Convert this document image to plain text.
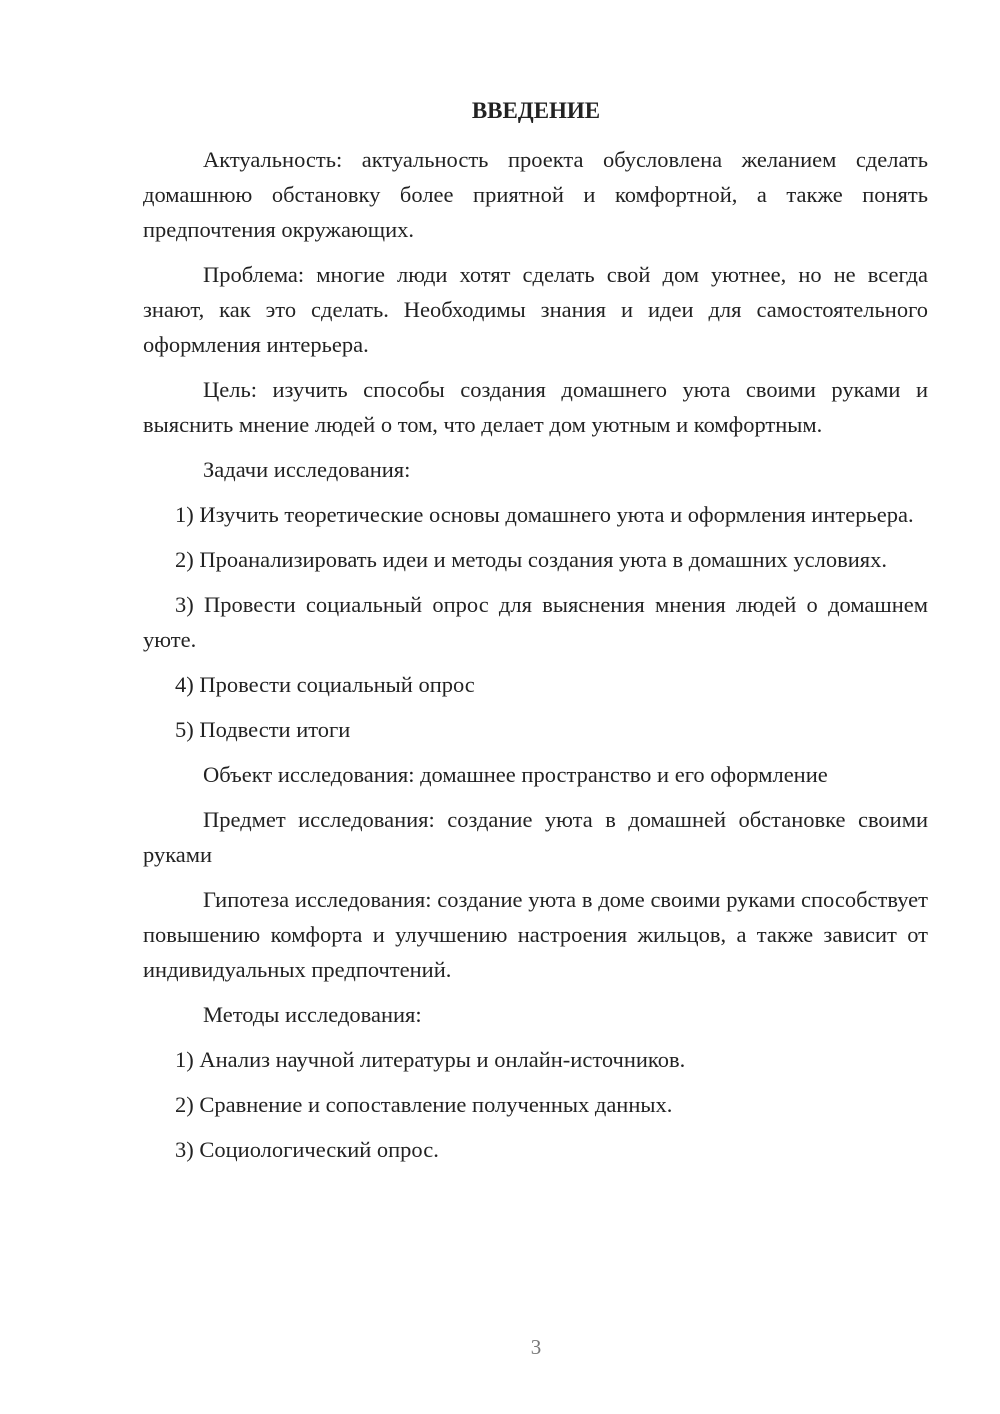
ВВЕДЕНИЕ

Актуальность: актуальность проекта обусловлена желанием сделать домашнюю обстановку более приятной и комфортной, а также понять предпочтения окружающих.

Проблема: многие люди хотят сделать свой дом уютнее, но не всегда знают, как это сделать. Необходимы знания и идеи для самостоятельного оформления интерьера.

Цель: изучить способы создания домашнего уюта своими руками и выяснить мнение людей о том, что делает дом уютным и комфортным.

Задачи исследования:

1) Изучить теоретические основы домашнего уюта и оформления интерьера.

2) Проанализировать идеи и методы создания уюта в домашних условиях.

3) Провести социальный опрос для выяснения мнения людей о домашнем уюте.

4) Провести социальный опрос

5) Подвести итоги

Объект исследования: домашнее пространство и его оформление

Предмет исследования: создание уюта в домашней обстановке своими руками

Гипотеза исследования: создание уюта в доме своими руками способствует повышению комфорта и улучшению настроения жильцов, а также зависит от индивидуальных предпочтений.

Методы исследования:

1) Анализ научной литературы и онлайн-источников.

2) Сравнение и сопоставление полученных данных.

3) Социологический опрос.

3
